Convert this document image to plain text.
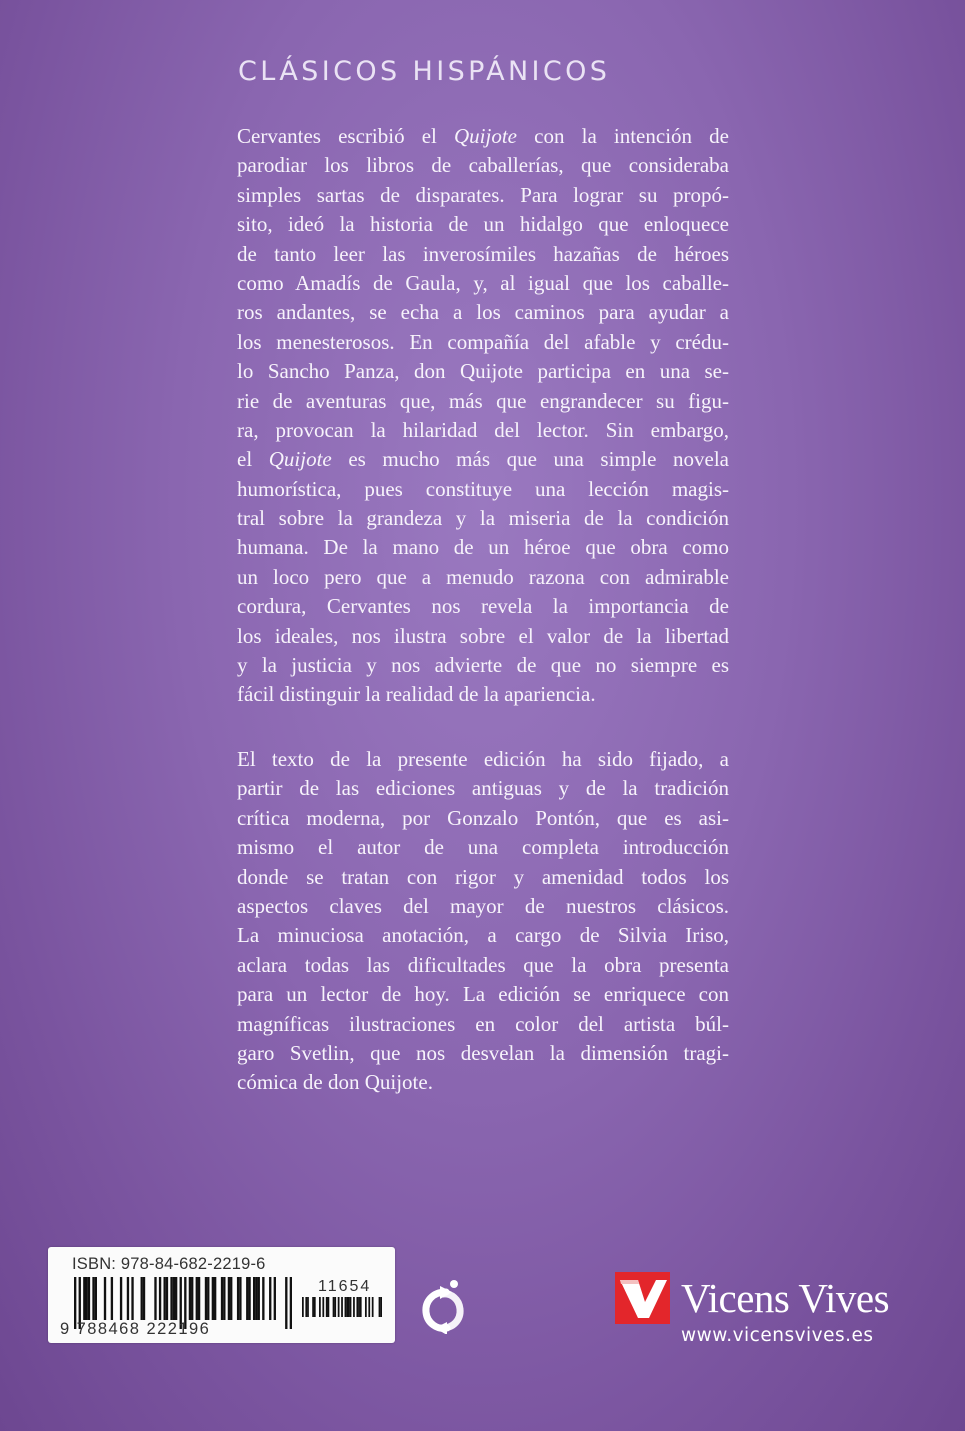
CLÁSICOS HISPÁNICOS
Cervantes escribió el Quijote con la intención de
parodiar los libros de caballerías, que consideraba
simples sartas de disparates. Para lograr su propó-
sito, ideó la historia de un hidalgo que enloquece
de tanto leer las inverosímiles hazañas de héroes
como Amadís de Gaula, y, al igual que los caballe-
ros andantes, se echa a los caminos para ayudar a
los menesterosos. En compañía del afable y crédu-
lo Sancho Panza, don Quijote participa en una se-
rie de aventuras que, más que engrandecer su figu-
ra, provocan la hilaridad del lector. Sin embargo,
el Quijote es mucho más que una simple novela
humorística, pues constituye una lección magis-
tral sobre la grandeza y la miseria de la condición
humana. De la mano de un héroe que obra como
un loco pero que a menudo razona con admirable
cordura, Cervantes nos revela la importancia de
los ideales, nos ilustra sobre el valor de la libertad
y la justicia y nos advierte de que no siempre es
fácil distinguir la realidad de la apariencia.
El texto de la presente edición ha sido fijado, a
partir de las ediciones antiguas y de la tradición
crítica moderna, por Gonzalo Pontón, que es asi-
mismo el autor de una completa introducción
donde se tratan con rigor y amenidad todos los
aspectos claves del mayor de nuestros clásicos.
La minuciosa anotación, a cargo de Silvia Iriso,
aclara todas las dificultades que la obra presenta
para un lector de hoy. La edición se enriquece con
magníficas ilustraciones en color del artista búl-
garo Svetlin, que nos desvelan la dimensión tragi-
cómica de don Quijote.
ISBN: 978-84-682-2219-6
11654
9 788468 222196
Vicens Vives
www.vicensvives.es
